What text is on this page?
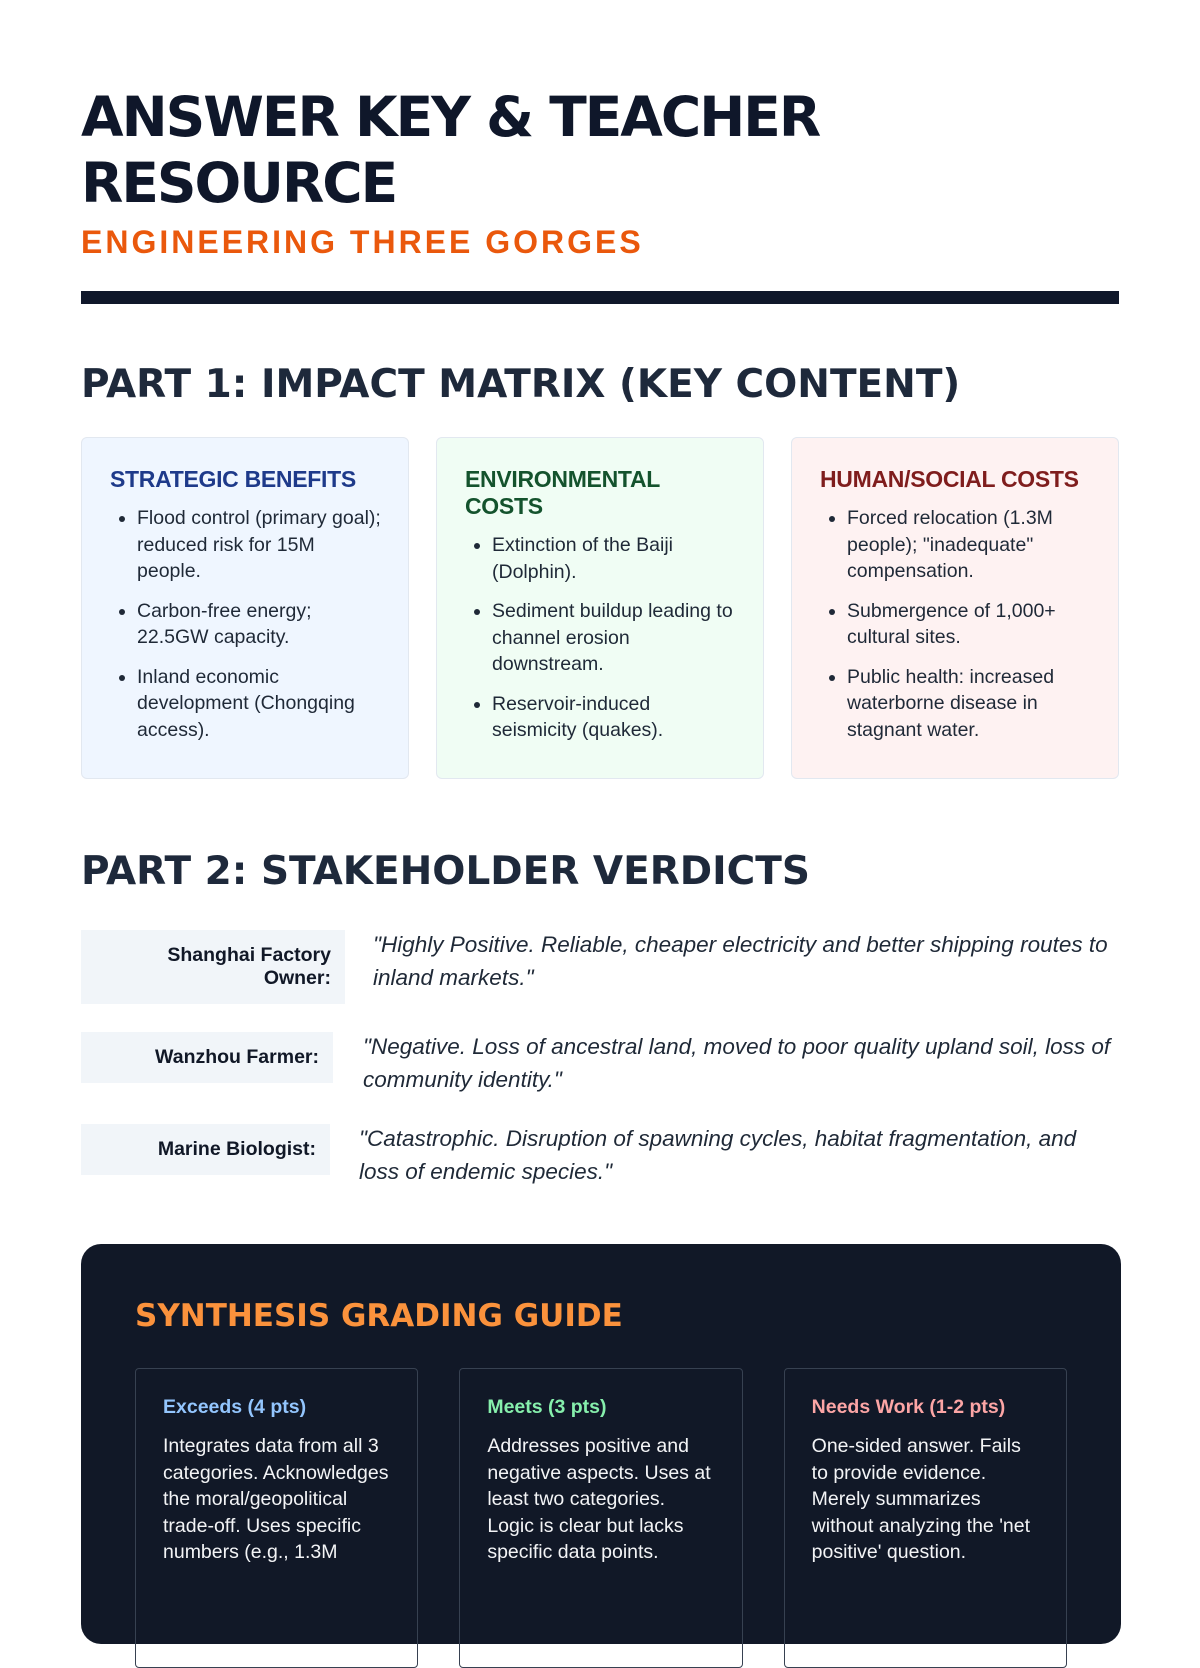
ANSWER KEY & TEACHER
RESOURCE
ENGINEERING THREE GORGES
PART 1: IMPACT MATRIX (KEY CONTENT)
STRATEGIC BENEFITS
• Flood control (primary goal); reduced risk for 15M people.
• Carbon-free energy; 22.5GW capacity.
• Inland economic development (Chongqing access).
ENVIRONMENTAL COSTS
• Extinction of the Baiji (Dolphin).
• Sediment buildup leading to channel erosion downstream.
• Reservoir-induced seismicity (quakes).
HUMAN/SOCIAL COSTS
• Forced relocation (1.3M people); "inadequate" compensation.
• Submergence of 1,000+ cultural sites.
• Public health: increased waterborne disease in stagnant water.
PART 2: STAKEHOLDER VERDICTS
Shanghai Factory Owner:
"Highly Positive. Reliable, cheaper electricity and better shipping routes to inland markets."
Wanzhou Farmer:	"Negative. Loss of ancestral land, moved to poor quality upland soil, loss of community identity."
Marine Biologist:	"Catastrophic. Disruption of spawning cycles, habitat fragmentation, and loss of endemic species."
SYNTHESIS GRADING GUIDE
Exceeds (4 pts)

Integrates data from all 3 categories. Acknowledges the moral/geopolitical trade-off. Uses specific numbers (e.g., 1.3M

Meets (3 pts)

Addresses positive and negative aspects. Uses at least two categories. Logic is clear but lacks specific data points.

Needs Work (1-2 pts)

One-sided answer. Fails to provide evidence. Merely summarizes without analyzing the 'net positive' question.
